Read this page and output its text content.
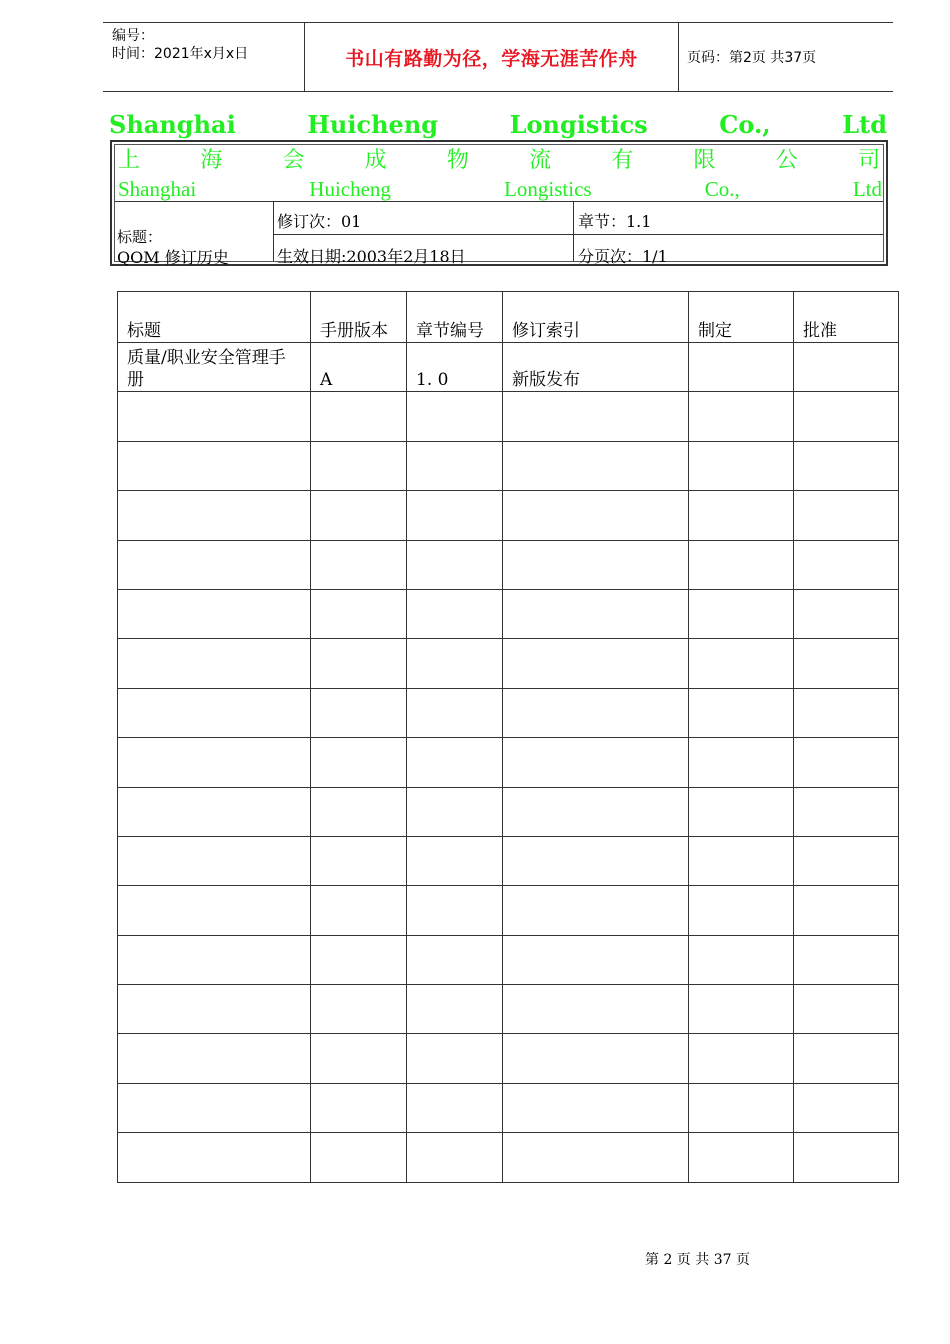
编号：
时间：2021年x月x日	书山有路勤为径，学海无涯苦作舟	页码：第2页 共37页
Shanghai	Huicheng	Longistics	Co.,	Ltd
上	海	会	成	物	流	有	限	公	司
Shanghai	Huicheng	Longistics	Co.,	Ltd
标题：
QOM 修订历史
修订次：01
生效日期:2003年2月18日
章节：1.1
分页次：1/1
标题	手册版本	章节编号	修订索引	制定	批准
质量/职业安全管理手册	A	1. 0	新版发布		

第 2 页 共 37 页
